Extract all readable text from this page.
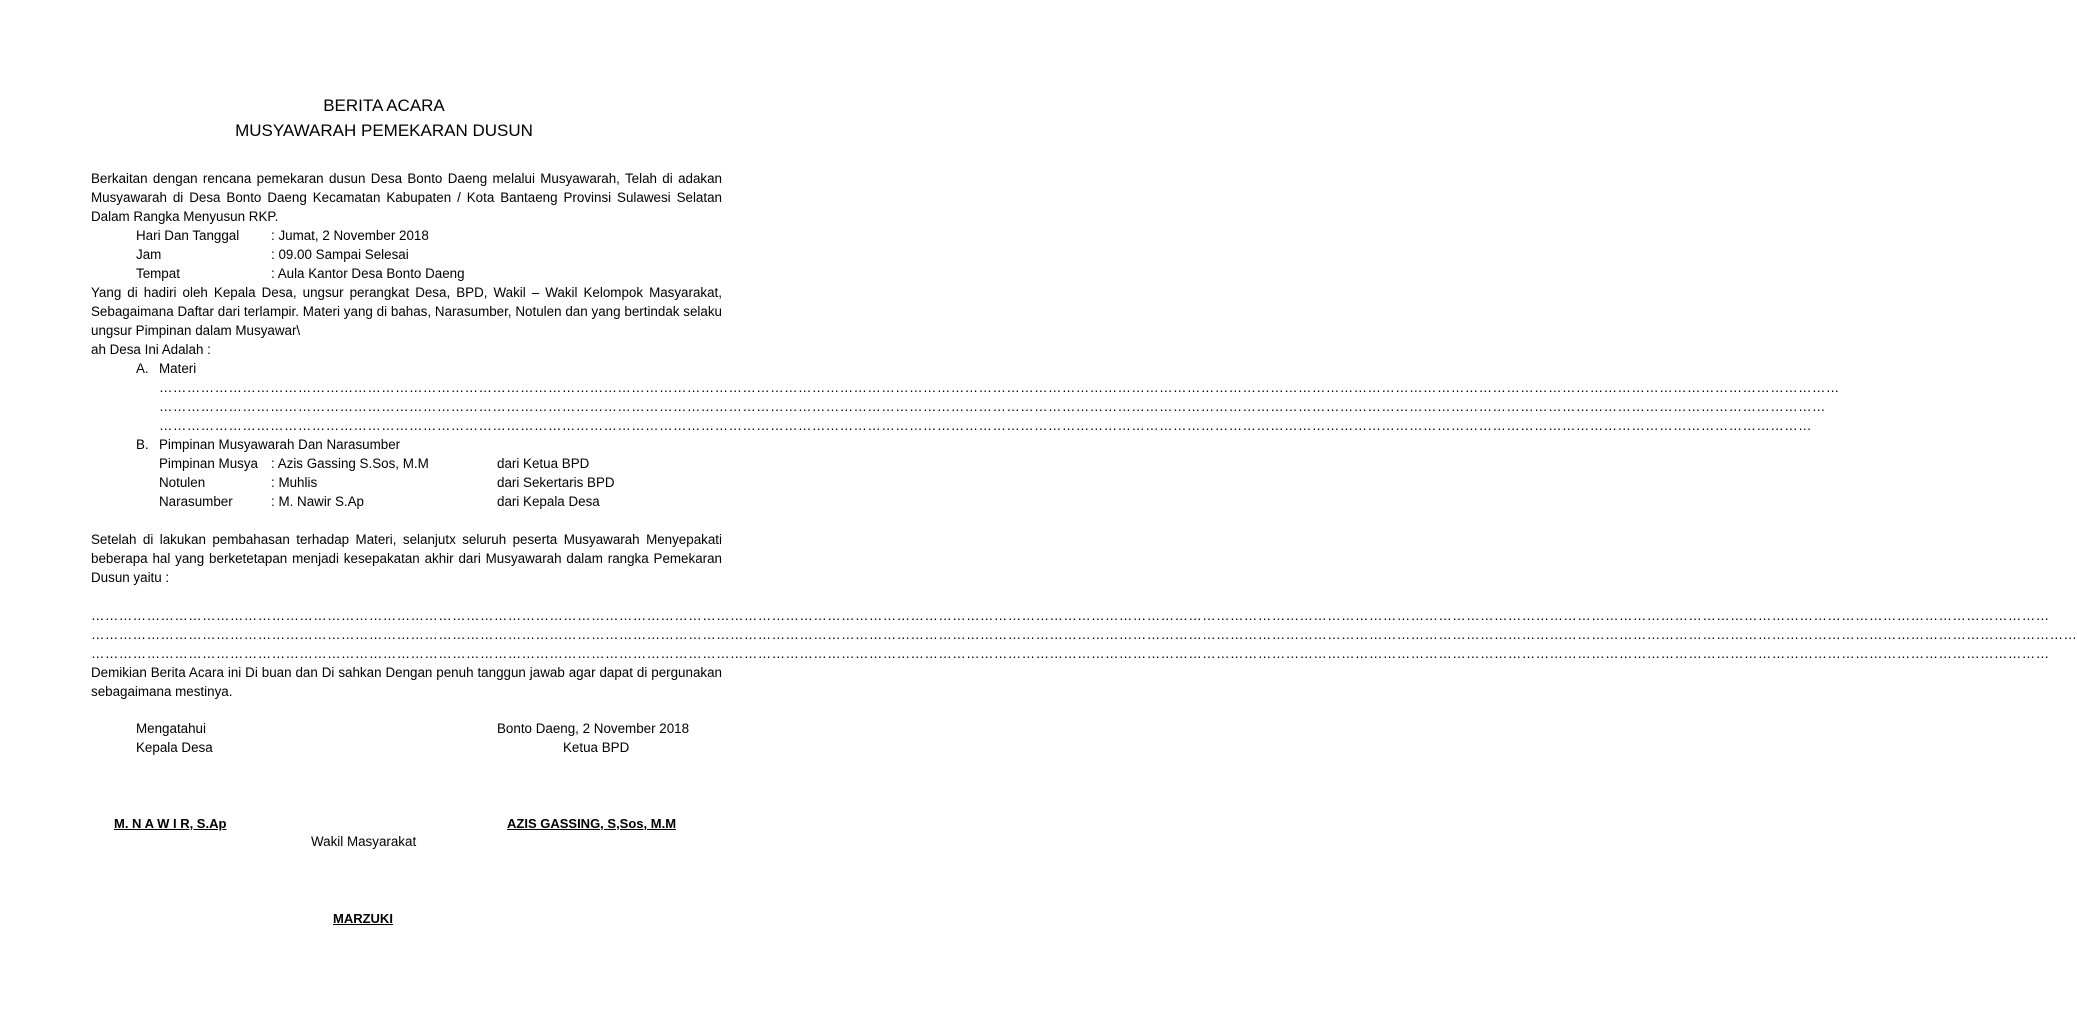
BERITA ACARA
MUSYAWARAH PEMEKARAN DUSUN
Berkaitan dengan rencana pemekaran dusun Desa Bonto Daeng melalui Musyawarah, Telah di adakan Musyawarah di Desa Bonto Daeng Kecamatan Kabupaten / Kota Bantaeng Provinsi Sulawesi Selatan Dalam Rangka Menyusun RKP.
Hari Dan Tanggal : Jumat, 2 November 2018
Jam	: 09.00 Sampai Selesai
Tempat	: Aula Kantor Desa Bonto Daeng
Yang di hadiri oleh Kepala Desa, ungsur perangkat Desa, BPD, Wakil – Wakil Kelompok Masyarakat, Sebagaimana Daftar dari terlampir. Materi yang di bahas, Narasumber, Notulen dan yang bertindak selaku ungsur Pimpinan dalam Musyawar\
ah Desa Ini Adalah :
A. Materi
…………………………………………………………………………………………………………………………………………………………………………………………………………………………………………………………………………………………………………………………………
………………………………………………………………………………………………………………………………………………………………………………………………………………………………………………………………………………………………………………………………
……………………………………………………………………………………………………………………………………………………………………………………………………………………………………………………………………………………………………………………………
B. Pimpinan Musyawarah Dan Narasumber
Pimpinan Musya : Azis Gassing S.Sos, M.M	dari Ketua BPD
Notulen	: Muhlis	dari Sekertaris BPD
Narasumber	: M. Nawir S.Ap	dari Kepala Desa
Setelah di lakukan pembahasan terhadap Materi, selanjutx seluruh peserta Musyawarah Menyepakati beberapa hal yang berketetapan menjadi kesepakatan akhir dari Musyawarah dalam rangka Pemekaran Dusun yaitu :
………………………………………………………………………………………………………………………………………………………………………………………………………………………………………………………………………………………………………………………………………………………………………………………
……………………………………………………………………………………………………………………………………………………………………………………………………………………………………………………………………………………………………………………………………………………………………………………………
………………………………………………………………………………………………………………………………………………………………………………………………………………………………………………………………………………………………………………………………………………………………………………………
Demikian Berita Acara ini Di buan dan Di sahkan Dengan penuh tanggun jawab agar dapat di pergunakan sebagaimana mestinya.
Mengatahui
Kepala Desa
Bonto Daeng, 2 November 2018
Ketua BPD
M. N A W I R, S.Ap	AZIS GASSING, S,Sos, M.M
Wakil Masyarakat
MARZUKI
